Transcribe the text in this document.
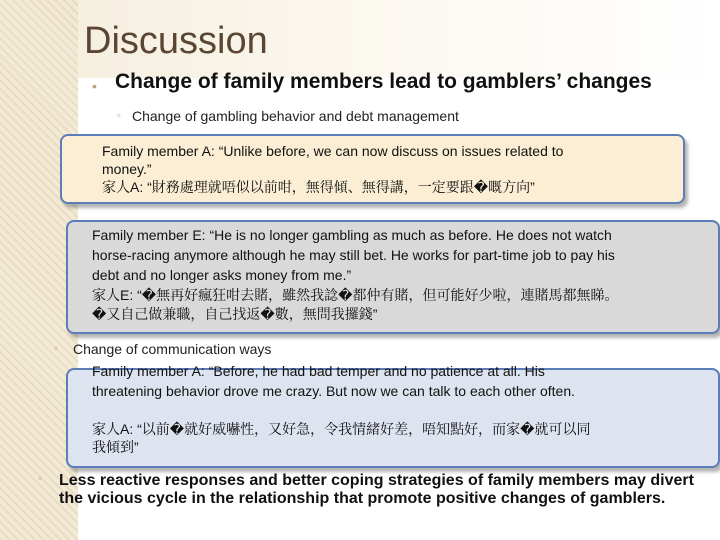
Discussion
• Change of family members lead to gamblers’ changes
◦ Change of gambling behavior and debt management
Family member A: “Unlike before, we can now discuss on issues related to
money.”
家人A: “財務處理就唔似以前咁，無得傾、無得講，一定要跟�嘅方向”
Family member E: “He is no longer gambling as much as before. He does not watch
horse-racing anymore although he may still bet. He works for part-time job to pay his
debt and no longer asks money from me.”
家人E: “�無再好瘋狂咁去賭，雖然我諗�都仲有賭，但可能好少啦，連賭馬都無睇。
�又自己做兼職，自己找返�數，無問我攞錢”
◦ Change of communication ways
Family member A: “Before, he had bad temper and no patience at all. His
threatening behavior drove me crazy. But now we can talk to each other often.
家人A: “以前�就好威嚇性，又好急，令我情緒好差，唔知點好，而家�就可以同
我傾到”
◦ Less reactive responses and better coping strategies of family members may divert the vicious cycle in the relationship that promote positive changes of gamblers.
